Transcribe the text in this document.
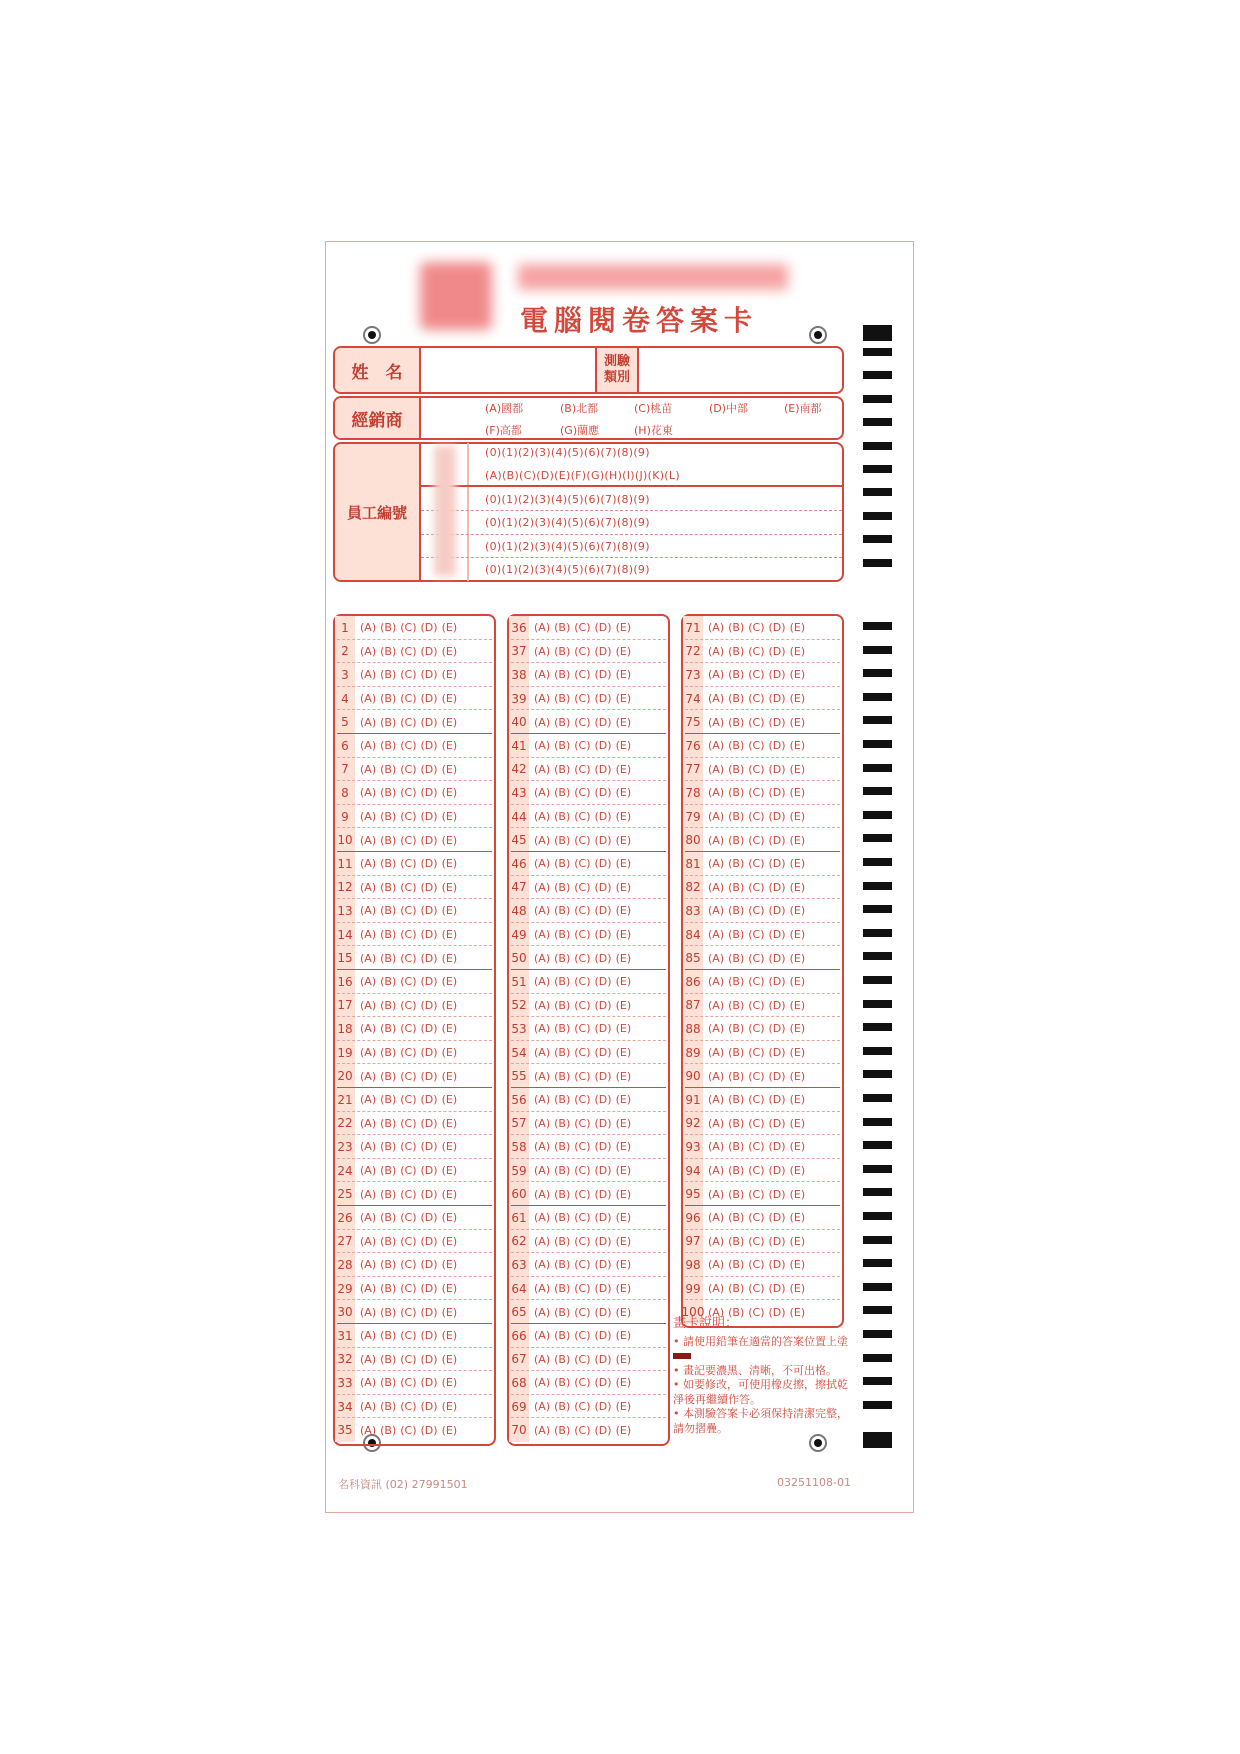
電腦閱卷答案卡
姓　名
測驗
類別
經銷商
(A)國都	(B)北都	(C)桃苗	(D)中部	(E)南都
(F)高都	(G)蘭應	(H)花東
員工編號
(0)(1)(2)(3)(4)(5)(6)(7)(8)(9)
(A)(B)(C)(D)(E)(F)(G)(H)(I)(J)(K)(L)
(0)(1)(2)(3)(4)(5)(6)(7)(8)(9)
(0)(1)(2)(3)(4)(5)(6)(7)(8)(9)
(0)(1)(2)(3)(4)(5)(6)(7)(8)(9)
(0)(1)(2)(3)(4)(5)(6)(7)(8)(9)
1	(A) (B) (C) (D) (E)
2	(A) (B) (C) (D) (E)
3	(A) (B) (C) (D) (E)
4	(A) (B) (C) (D) (E)
5	(A) (B) (C) (D) (E)
6	(A) (B) (C) (D) (E)
7	(A) (B) (C) (D) (E)
8	(A) (B) (C) (D) (E)
9	(A) (B) (C) (D) (E)
10 (A) (B) (C) (D) (E)
11 (A) (B) (C) (D) (E)
12 (A) (B) (C) (D) (E)
13 (A) (B) (C) (D) (E)
14 (A) (B) (C) (D) (E)
15 (A) (B) (C) (D) (E)
16 (A) (B) (C) (D) (E)
17 (A) (B) (C) (D) (E)
18 (A) (B) (C) (D) (E)
19 (A) (B) (C) (D) (E)
20 (A) (B) (C) (D) (E)
21 (A) (B) (C) (D) (E)
22 (A) (B) (C) (D) (E)
23 (A) (B) (C) (D) (E)
24 (A) (B) (C) (D) (E)
25 (A) (B) (C) (D) (E)
26 (A) (B) (C) (D) (E)
27 (A) (B) (C) (D) (E)
28 (A) (B) (C) (D) (E)
29 (A) (B) (C) (D) (E)
30 (A) (B) (C) (D) (E)
31 (A) (B) (C) (D) (E)
32 (A) (B) (C) (D) (E)
33 (A) (B) (C) (D) (E)
34 (A) (B) (C) (D) (E)
35 (A) (B) (C) (D) (E)
36 (A) (B) (C) (D) (E)
37 (A) (B) (C) (D) (E)
38 (A) (B) (C) (D) (E)
39 (A) (B) (C) (D) (E)
40 (A) (B) (C) (D) (E)
41 (A) (B) (C) (D) (E)
42 (A) (B) (C) (D) (E)
43 (A) (B) (C) (D) (E)
44 (A) (B) (C) (D) (E)
45 (A) (B) (C) (D) (E)
46 (A) (B) (C) (D) (E)
47 (A) (B) (C) (D) (E)
48 (A) (B) (C) (D) (E)
49 (A) (B) (C) (D) (E)
50 (A) (B) (C) (D) (E)
51 (A) (B) (C) (D) (E)
52 (A) (B) (C) (D) (E)
53 (A) (B) (C) (D) (E)
54 (A) (B) (C) (D) (E)
55 (A) (B) (C) (D) (E)
56 (A) (B) (C) (D) (E)
57 (A) (B) (C) (D) (E)
58 (A) (B) (C) (D) (E)
59 (A) (B) (C) (D) (E)
60 (A) (B) (C) (D) (E)
61 (A) (B) (C) (D) (E)
62 (A) (B) (C) (D) (E)
63 (A) (B) (C) (D) (E)
64 (A) (B) (C) (D) (E)
65 (A) (B) (C) (D) (E)
66 (A) (B) (C) (D) (E)
67 (A) (B) (C) (D) (E)
68 (A) (B) (C) (D) (E)
69 (A) (B) (C) (D) (E)
70 (A) (B) (C) (D) (E)
71 (A) (B) (C) (D) (E)
72 (A) (B) (C) (D) (E)
73 (A) (B) (C) (D) (E)
74 (A) (B) (C) (D) (E)
75 (A) (B) (C) (D) (E)
76 (A) (B) (C) (D) (E)
77 (A) (B) (C) (D) (E)
78 (A) (B) (C) (D) (E)
79 (A) (B) (C) (D) (E)
80 (A) (B) (C) (D) (E)
81 (A) (B) (C) (D) (E)
82 (A) (B) (C) (D) (E)
83 (A) (B) (C) (D) (E)
84 (A) (B) (C) (D) (E)
85 (A) (B) (C) (D) (E)
86 (A) (B) (C) (D) (E)
87 (A) (B) (C) (D) (E)
88 (A) (B) (C) (D) (E)
89 (A) (B) (C) (D) (E)
90 (A) (B) (C) (D) (E)
91 (A) (B) (C) (D) (E)
92 (A) (B) (C) (D) (E)
93 (A) (B) (C) (D) (E)
94 (A) (B) (C) (D) (E)
95 (A) (B) (C) (D) (E)
96 (A) (B) (C) (D) (E)
97 (A) (B) (C) (D) (E)
98 (A) (B) (C) (D) (E)
99 (A) (B) (C) (D) (E)
100 (A) (B) (C) (D) (E)
畫卡說明：
• 請使用鉛筆在適當的答案位置上塗
• 畫記要濃黑、清晰，不可出格。
• 如要修改，可使用橡皮擦，擦拭乾淨後再繼續作答。
• 本測驗答案卡必須保持清潔完整，請勿摺疊。
名科資訊 (02) 27991501	03251108-01
